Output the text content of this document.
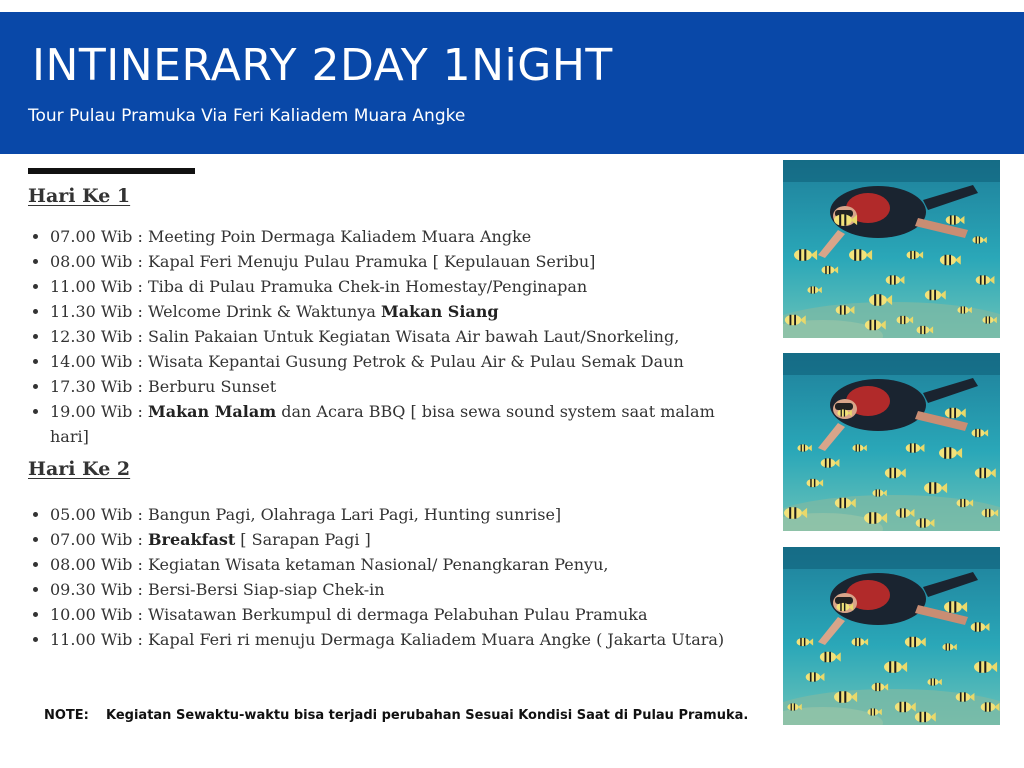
INTINERARY 2DAY 1NiGHT
Tour Pulau Pramuka Via Feri Kaliadem Muara Angke
Hari Ke 1
07.00 Wib : Meeting Poin Dermaga Kaliadem Muara Angke
08.00 Wib : Kapal Feri Menuju Pulau Pramuka [ Kepulauan Seribu]
11.00 Wib : Tiba di Pulau Pramuka Chek-in Homestay/Penginapan
11.30 Wib : Welcome Drink & Waktunya Makan Siang
12.30 Wib : Salin Pakaian Untuk Kegiatan Wisata Air bawah Laut/Snorkeling,
14.00 Wib : Wisata Kepantai Gusung Petrok & Pulau Air & Pulau Semak Daun
17.30 Wib : Berburu Sunset
19.00 Wib : Makan Malam dan Acara BBQ [ bisa sewa sound system saat malam hari]
Hari Ke 2
05.00 Wib : Bangun Pagi, Olahraga Lari Pagi, Hunting sunrise]
07.00 Wib : Breakfast [ Sarapan Pagi ]
08.00 Wib : Kegiatan Wisata ketaman Nasional/ Penangkaran Penyu,
09.30 Wib : Bersi-Bersi Siap-siap Chek-in
10.00 Wib : Wisatawan Berkumpul di dermaga Pelabuhan Pulau Pramuka
11.00 Wib : Kapal Feri ri menuju Dermaga Kaliadem Muara Angke ( Jakarta Utara)
NOTE: Kegiatan Sewaktu-waktu bisa terjadi perubahan Sesuai Kondisi Saat di Pulau Pramuka.
